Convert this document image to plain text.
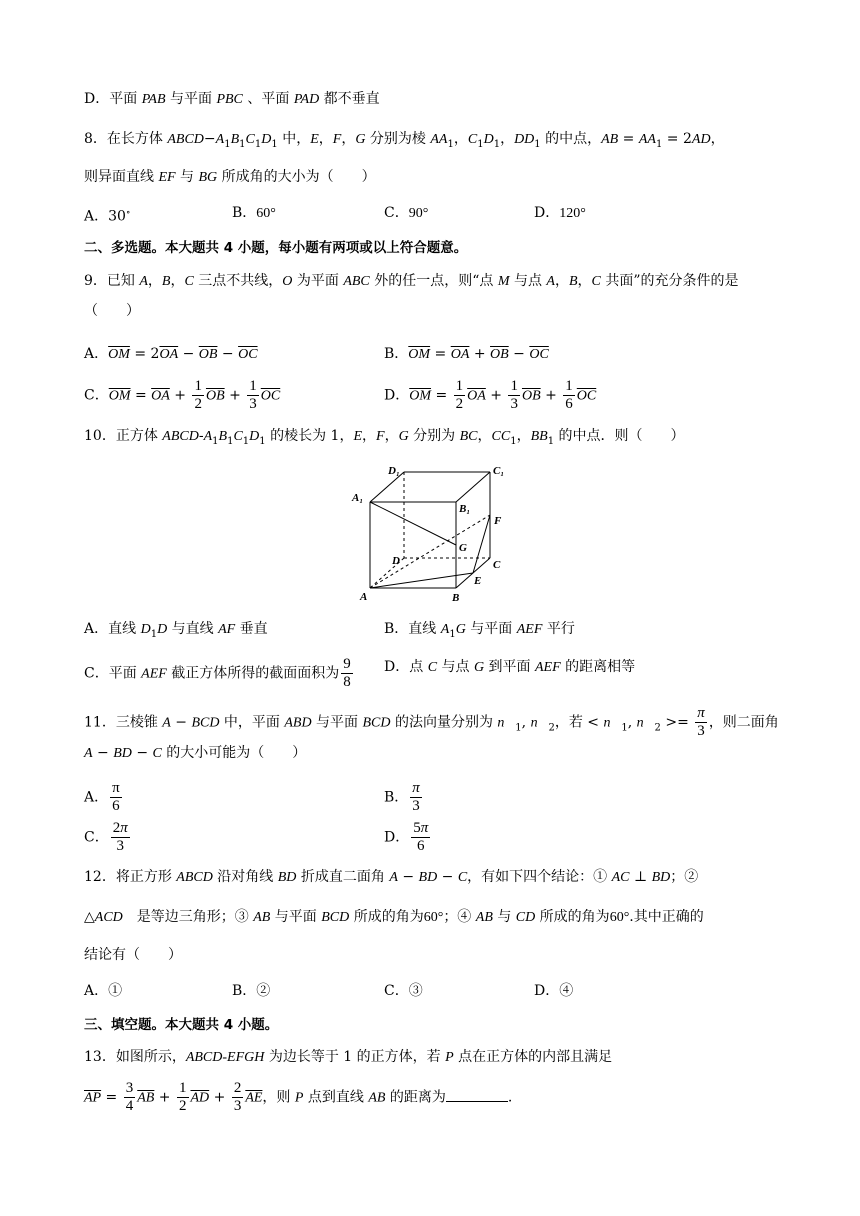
D．平面 PAB 与平面 PBC 、平面 PAD 都不垂直
8．在长方体 $ABCD-A_1B_1C_1D_1$ 中，E，F，G 分别为棱 $AA_1$，$C_1D_1$，$DD_1$ 的中点，AB = $AA_1 = 2AD$，
则异面直线 EF 与 BG 所成角的大小为（　　）
A．30∘	B．60°	C．90°	D．120°
二、多选题。本大题共 4 小题，每小题有两项或以上符合题意。
9．已知 A，B，C 三点不共线，O 为平面 ABC 外的任一点，则“点 M 与点 A，B，C 共面”的充分条件的是
（　　）
A．$\overline{OM} = 2\overline{OA} - \overline{OB} - \overline{OC}$	B．$\overline{OM} = \overline{OA} + \overline{OB} - \overline{OC}$
C．$\overline{OM} = \overline{OA} + \frac{1}{2} \overline{OB} + \frac{1}{3} \overline{OC}$	D．$\overline{OM} = \frac{1}{2} \overline{OA} + \frac{1}{3} \overline{OB} + \frac{1}{6} \overline{OC}$
10．正方体 ABCD-$A_1B_1C_1D_1$ 的棱长为 1，E，F，G 分别为 BC，$CC_1$，$BB_1$ 的中点．则（　　）
D₁	C₁
A₁
B₁
F
G
D	C
E
A	B
A．直线 $D_1D$ 与直线 AF 垂直	B．直线 $A_1G$ 与平面 AEF 平行
C．平面 AEF 截正方体所得的截面面积为 $\frac{9}{8}$ D．点 C 与点 G 到平面 AEF 的距离相等
11．三棱锥 A − BCD 中，平面 ABD 与平面 BCD 的法向量分别为 $n⃗_1$, $n⃗_2$，若 < $n⃗_1$, $n⃗_2 >= \frac{\pi}{3}$ ，则二面角
A − BD − C 的大小可能为（　　）
A． $\frac{\pi}{6}$	B． $\frac{\pi}{3}$
C． $\frac{2\pi}{3}$	D． $\frac{5\pi}{6}$
12．将正方形 ABCD 沿对角线 BD 折成直二面角 A − BD − C，有如下四个结论：① AC ⊥ BD；②
△ACD　是等边三角形；③ AB 与平面 BCD 所成的角为60°；④ AB 与 CD 所成的角为60°.其中正确的
结论有（　　）
A．①	B．②	C．③	D．④
三、填空题。本大题共 4 小题。
13．如图所示，ABCD-EFGH 为边长等于 1 的正方体，若 P 点在正方体的内部且满足
$\overline{AP} = \frac{3}{4} \overline{AB} + \frac{1}{2} \overline{AD} + \frac{2}{3} \overline{AE}$，则 P 点到直线 AB 的距离为	.
